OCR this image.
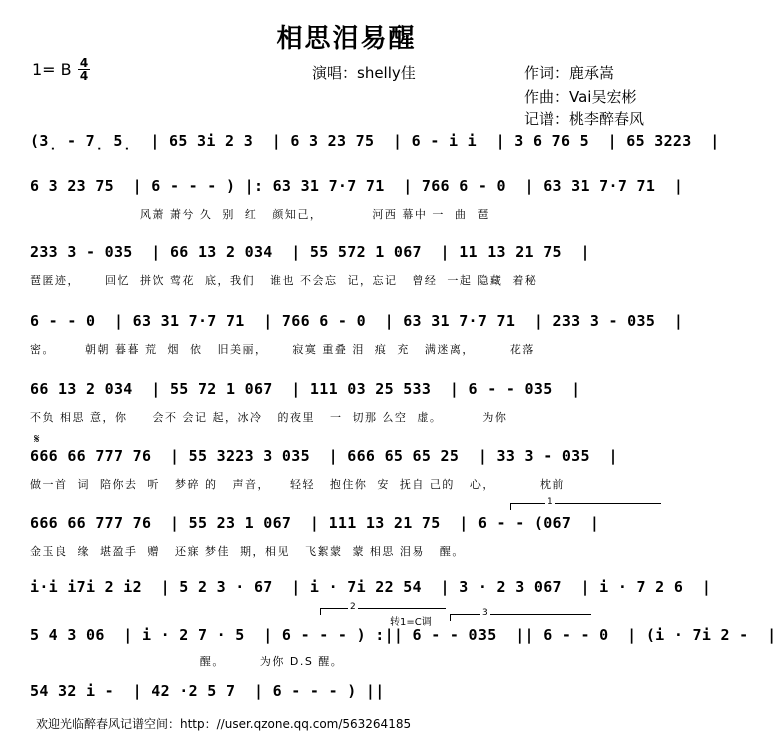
相思泪易醒
1= B $\frac{4}{4}$	演唱：shelly佳	作词：鹿承嵩
作曲：Vai吴宏彬
记谱：桃李醉春风
(3̣ - 7̣ 5̣  | 65 3i 2 3  | 6 3 23 75  | 6 - i i  | 3 6 76 5  | 65 3223  |
6 3 23 75  | 6 - - - ) |: 63 31 7·7 71  | 766 6 - 0  | 63 31 7·7 71  |
风萧 萧兮 久  别  红   颜知己，          河西 幕中 一  曲  琶
233 3 - 035  | 66 13 2 034  | 55 572 1 067  | 11 13 21 75  |
琶匿迹，     回忆  拼饮 莺花  底，我们   谁也 不会忘  记，忘记   曾经  一起 隐藏  着秘
6 - - 0  | 63 31 7·7 71  | 766 6 - 0  | 63 31 7·7 71  | 233 3 - 035  |
密。      朝朝 暮暮 荒  烟  依   旧美丽，     寂寞 重叠 泪  痕  充   满迷离，       花落
66 13 2 034  | 55 72 1 067  | 111 03 25 533  | 6 - - 035  |
不负 相思 意，你     会不 会记 起，冰冷   的夜里   一  切那 么空  虚。        为你
𝄋
666 66 777 76  | 55 3223 3 035  | 666 65 65 25  | 33 3 - 035  |
做一首  词  陪你去  听   梦碎 的   声音，    轻轻   抱住你  安  抚自 己的   心，         枕前
1
666 66 777 76  | 55 23 1 067  | 111 13 21 75  | 6 - - (067  |
金玉良  缘  堪盈手  赠   还寐 梦佳  期，相见   飞絮蒙  蒙 相思 泪易   醒。
i·i i7i 2 i2  | 5 2 3 · 67  | i · 7i 22 54  | 3 · 2 3 067  | i · 7 2 6  |
2
3
转1=C调
5 4 3 06  | i · 2 7 · 5  | 6 - - - ) :|| 6 - - 035  || 6 - - 0  | (i · 7i 2 -  |
醒。       为你 D.S 醒。
54 32 i -  | 42 ·2 5 7  | 6 - - - ) ||
欢迎光临醉春风记谱空间：http：//user.qzone.qq.com/563264185
